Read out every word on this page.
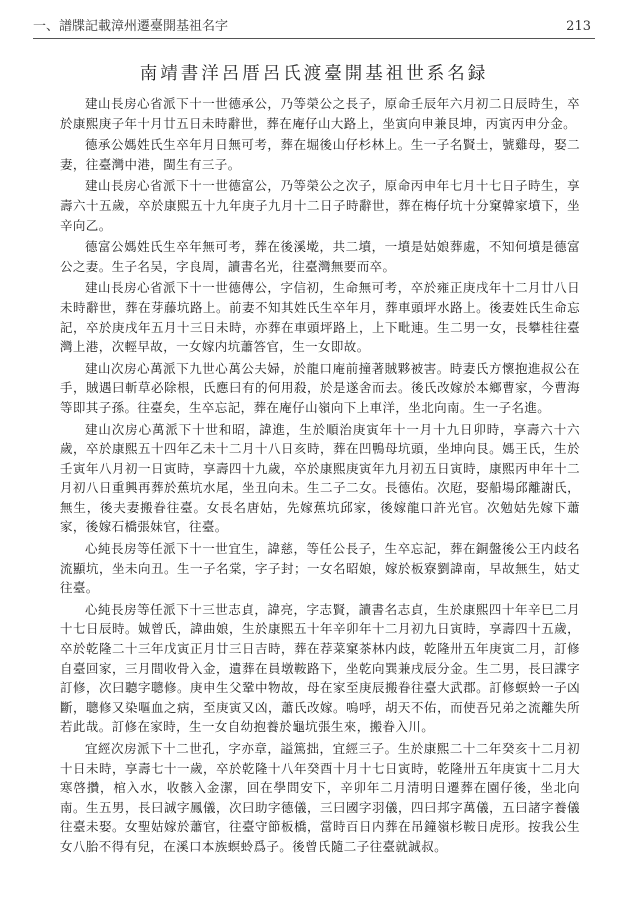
一、譜牒記載漳州遷臺開基祖名字	213
南靖書洋呂厝呂氏渡臺開基祖世系名録

建山長房心省派下十一世德承公，乃等榮公之長子，原命壬辰年六月初二日辰時生，卒於康熙庚子年十月廿五日未時辭世，葬在庵仔山大路上，坐寅向申兼艮坤，丙寅丙申分金。

德承公媽姓氏生卒年月日無可考，葬在堀後山仔杉林上。生一子名賢士，號雞母，娶二妻，往臺灣中港，閩生有三子。

建山長房心省派下十一世德富公，乃等榮公之次子，原命丙申年七月十七日子時生，享壽六十五歲，卒於康熙五十九年庚子九月十二日子時辭世，葬在梅仔坑十分窠韓家墳下，坐辛向乙。

德富公媽姓氏生卒年無可考，葬在後溪墘，共二墳，一墳是姑娘葬處，不知何墳是德富公之妻。生子名吴，字良周，讀書名光，往臺灣無要而卒。

建山長房心省派下十一世德傳公，字信初，生命無可考，卒於雍正庚戌年十二月廿八日未時辭世，葬在芽藤坑路上。前妻不知其姓氏生卒年月，葬車頭坪水路上。後妻姓氏生命忘記，卒於庚戌年五月十三日未時，亦葬在車頭坪路上，上下毗連。生二男一女，長攀桂往臺灣上港，次輕早故，一女嫁内坑蕭答官，生一女即故。

建山次房心萬派下九世心萬公夫婦，於龍口庵前撞著賊夥被害。時妻氏方懷抱進叔公在手，賊遇曰斬草必除根，氏應曰有的何用殺，於是遂舍而去。後氏改嫁於本鄉曹家，今曹海等即其子孫。往臺矣，生卒忘記，葬在庵仔山嶺向下上車洋，坐北向南。生一子名進。

建山次房心萬派下十世和昭，諱進，生於順治庚寅年十一月十九日卯時，享壽六十六歲，卒於康熙五十四年乙未十二月十八日亥時，葬在凹鴨母坑頭，坐坤向艮。媽王氏，生於壬寅年八月初一日寅時，享壽四十九歲，卒於康熙庚寅年九月初五日寅時，康熙丙申年十二月初八日重興再葬於蕉坑水尾，坐丑向未。生二子二女。長德佑。次屘，娶船場邱離謝氏，無生，後夫妻搬眷往臺。女長名唐姑，先嫁蕉坑邱家，後嫁龍口許光官。次勉姑先嫁下蕭家，後嫁石橋張妹官，往臺。

心純長房等任派下十一世宜生，諱慈，等任公長子，生卒忘記，葬在銅盤後公王内歧名流顯坑，坐未向丑。生一子名棠，字子封；一女名昭娘，嫁於板寮劉諱南，早故無生，姑丈往臺。

心純長房等任派下十三世志貞，諱亮，字志賢，讀書名志貞，生於康熙四十年辛巳二月十七日辰時。娍曾氏，諱曲娘，生於康熙五十年辛卯年十二月初九日寅時，享壽四十五歲，卒於乾隆二十三年戊寅正月廿三日吉時，葬在荐菜窠茶林内歧，乾隆卅五年庚寅二月，訂修自臺回家，三月間收骨入金，遺葬在員墩鞍路下，坐乾向巽兼戌辰分金。生二男，長曰諜字訂修，次曰聽字聰修。庚申生父鞏中物故，母在家至庚辰搬眷往臺大武郡。訂修螟蛉一子凶斷，聰修又染嘔血之病，至庚寅又凶，蕭氏改嫁。嗚呼，胡天不佑，而使吾兄弟之流離失所若此哉。訂修在家時，生一女自幼抱養於龜坑張生來，搬眷入川。

宜經次房派下十二世孔，字亦章，謚篤拙，宜經三子。生於康熙二十二年癸亥十二月初十日未時，享壽七十一歲，卒於乾隆十八年癸酉十月十七日寅時，乾隆卅五年庚寅十二月大寒啓攢，棺入水，收骸入金潔，回在學問安下，辛卯年二月清明日遷葬在園仔後，坐北向南。生五男，長曰誠字鳳儀，次曰助字德儀，三曰國字羽儀，四曰邦字萬儀，五曰諸字養儀往臺未娶。女聖姑嫁於蕭官，往臺守節板橋，當時百日内葬在吊鐘嶺杉鞍日虎形。按我公生女八胎不得有兒，在溪口本族螟蛉爲子。後曾氏隨二子往臺就誠叔。
